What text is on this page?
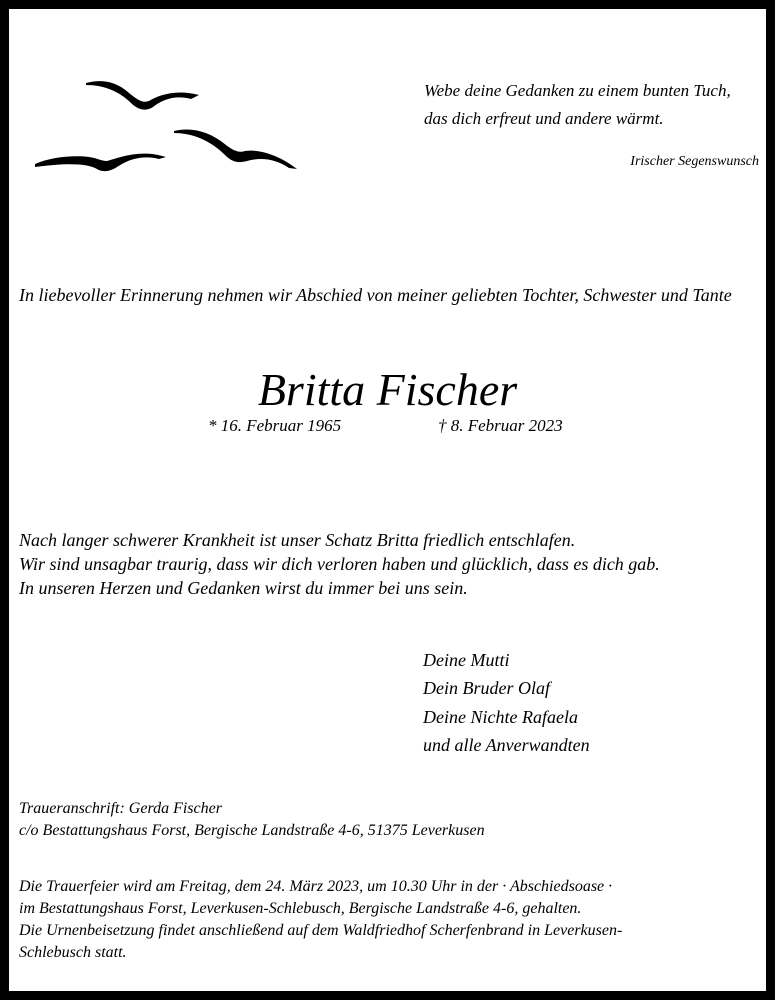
Webe deine Gedanken zu einem bunten Tuch,
das dich erfreut und andere wärmt.
Irischer Segenswunsch
In liebevoller Erinnerung nehmen wir Abschied von meiner geliebten Tochter, Schwester und Tante
Britta Fischer
* 16. Februar 1965	† 8. Februar 2023
Nach langer schwerer Krankheit ist unser Schatz Britta friedlich entschlafen.
Wir sind unsagbar traurig, dass wir dich verloren haben und glücklich, dass es dich gab.
In unseren Herzen und Gedanken wirst du immer bei uns sein.
Deine Mutti
Dein Bruder Olaf
Deine Nichte Rafaela
und alle Anverwandten
Traueranschrift: Gerda Fischer
c/o Bestattungshaus Forst, Bergische Landstraße 4-6, 51375 Leverkusen
Die Trauerfeier wird am Freitag, dem 24. März 2023, um 10.30 Uhr in der · Abschiedsoase ·
im Bestattungshaus Forst, Leverkusen-Schlebusch, Bergische Landstraße 4-6, gehalten.
Die Urnenbeisetzung findet anschließend auf dem Waldfriedhof Scherfenbrand in Leverkusen-
Schlebusch statt.
